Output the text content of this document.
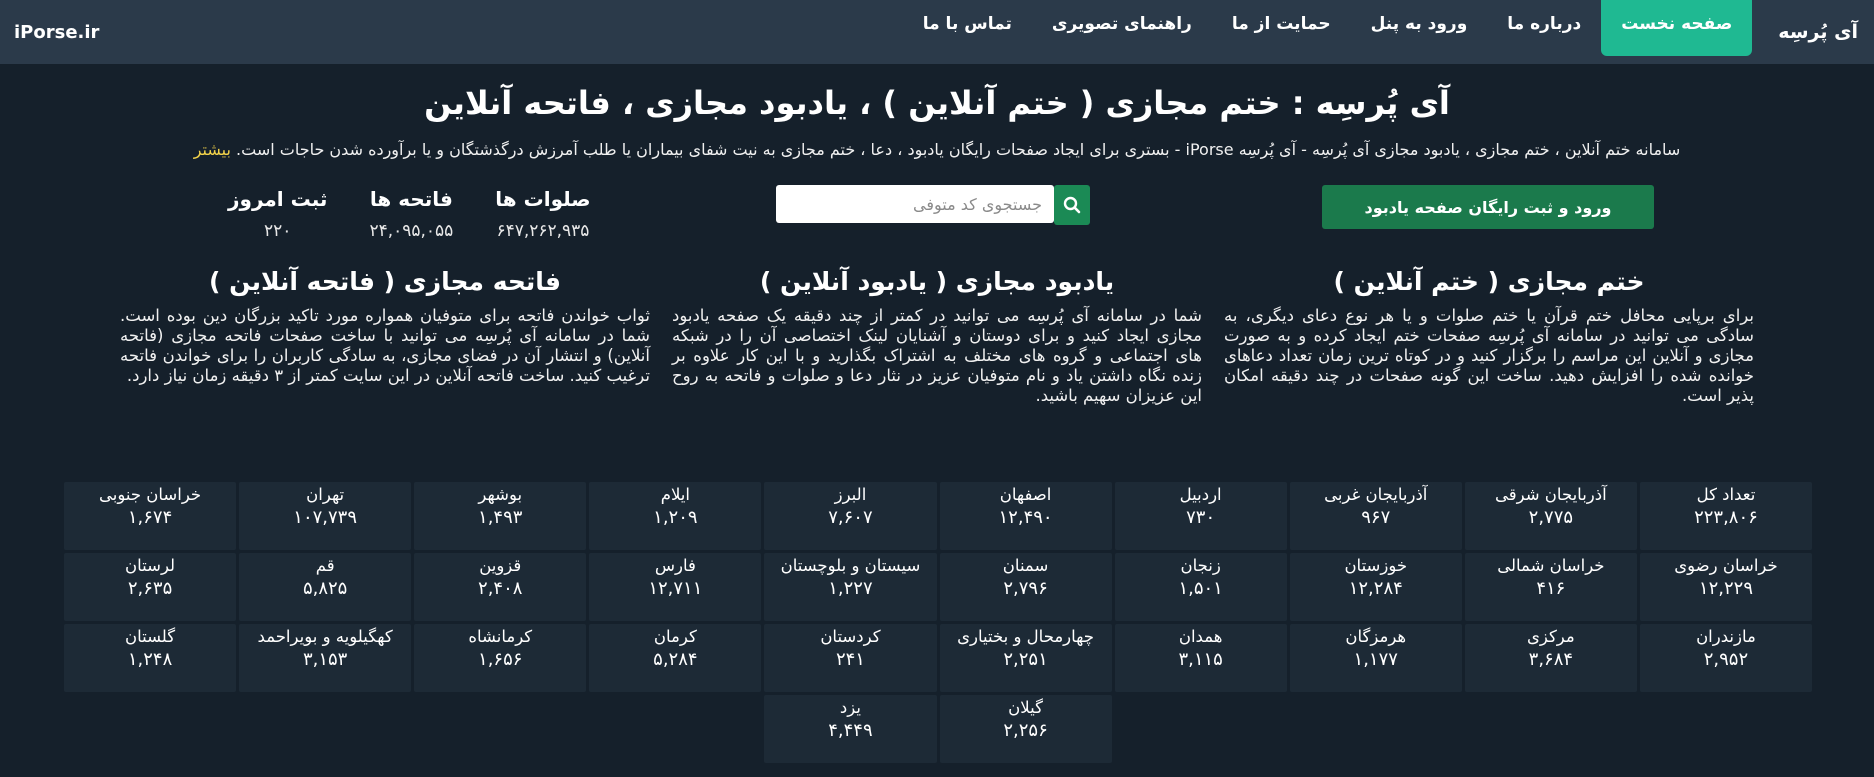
آی پُرسِه
صفحه نخست
درباره ما
ورود به پنل
حمایت از ما
راهنمای تصویری
تماس با ما
iPorse.ir
آی پُرسِه : ختم مجازی ( ختم آنلاین ) ، یادبود مجازی ، فاتحه آنلاین
سامانه ختم آنلاین ، ختم مجازی ، یادبود مجازی آی پُرسِه - آی پُرسِه iPorse - بستری برای ایجاد صفحات رایگان یادبود ، دعا ، ختم مجازی به نیت شفای بیماران یا طلب آمرزش درگذشتگان و یا برآورده شدن حاجات است. بیشتر
ورود و ثبت رایگان صفحه یادبود
جستجوی کد متوفی
صلوات ها
۶۴۷,۲۶۲,۹۳۵
فاتحه ها
۲۴,۰۹۵,۰۵۵
ثبت امروز
۲۲۰
ختم مجازی ( ختم آنلاین )

برای برپایی محافل ختم قرآن یا ختم صلوات و یا هر نوع دعای دیگری، به سادگی می توانید در سامانه آی پُرسِه صفحات ختم ایجاد کرده و به صورت مجازی و آنلاین این مراسم را برگزار کنید و در کوتاه ترین زمان تعداد دعاهای خوانده شده را افزایش دهید. ساخت این گونه صفحات در چند دقیقه امکان پذیر است.

یادبود مجازی ( یادبود آنلاین )

شما در سامانه آی پُرسِه می توانید در کمتر از چند دقیقه یک صفحه یادبود مجازی ایجاد کنید و برای دوستان و آشنایان لینک اختصاصی آن را در شبکه های اجتماعی و گروه های مختلف به اشتراک بگذارید و با این کار علاوه بر زنده نگاه داشتن یاد و نام متوفیان عزیز در نثار دعا و صلوات و فاتحه به روح این عزیزان سهیم باشید.

فاتحه مجازی ( فاتحه آنلاین )

ثواب خواندن فاتحه برای متوفیان همواره مورد تاکید بزرگان دین بوده است. شما در سامانه آی پُرسِه می توانید با ساخت صفحات فاتحه مجازی (فاتحه آنلاین) و انتشار آن در فضای مجازی، به سادگی کاربران را برای خواندن فاتحه ترغیب کنید. ساخت فاتحه آنلاین در این سایت کمتر از ۳ دقیقه زمان نیاز دارد.

تعداد کل
۲۲۳,۸۰۶
آذربایجان شرقی
۲,۷۷۵
آذربایجان غربی
۹۶۷
اردبیل
۷۳۰
اصفهان
۱۲,۴۹۰
البرز
۷,۶۰۷
ایلام
۱,۲۰۹
بوشهر
۱,۴۹۳
تهران
۱۰۷,۷۳۹
خراسان جنوبی
۱,۶۷۴
خراسان رضوی
۱۲,۲۲۹
خراسان شمالی
۴۱۶
خوزستان
۱۲,۲۸۴
زنجان
۱,۵۰۱
سمنان
۲,۷۹۶
سیستان و بلوچستان
۱,۲۲۷
فارس
۱۲,۷۱۱
قزوین
۲,۴۰۸
قم
۵,۸۲۵
لرستان
۲,۶۳۵
مازندران
۲,۹۵۲
مرکزی
۳,۶۸۴
هرمزگان
۱,۱۷۷
همدان
۳,۱۱۵
چهارمحال و بختیاری
۲,۲۵۱
کردستان
۲۴۱
کرمان
۵,۲۸۴
کرمانشاه
۱,۶۵۶
کهگیلویه و بویراحمد
۳,۱۵۳
گلستان
۱,۲۴۸
گیلان
۲,۲۵۶
یزد
۴,۴۴۹
